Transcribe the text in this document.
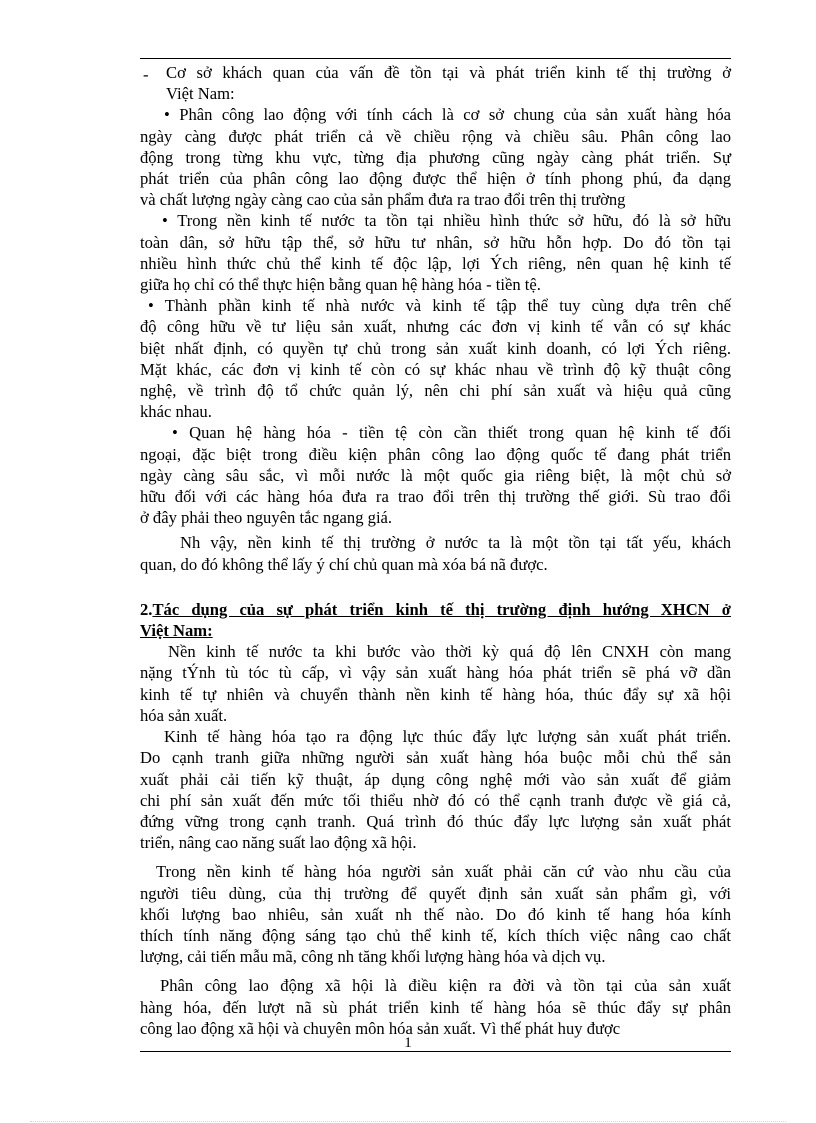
- Cơ sở khách quan của vấn đề tồn tại và phát triển kinh tế thị trường ở
Việt Nam:
• Phân công lao động với tính cách là cơ sở chung của sản xuất hàng hóa
ngày càng được phát triển cả về chiều rộng và chiều sâu. Phân công lao
động trong từng khu vực, từng địa phương cũng ngày càng phát triển. Sự
phát triển của phân công lao động được thể hiện ở tính phong phú, đa dạng
và chất lượng ngày càng cao của sản phẩm đưa ra trao đổi trên thị trường
• Trong nền kinh tế nước ta tồn tại nhiều hình thức sở hữu, đó là sở hữu
toàn dân, sở hữu tập thể, sở hữu tư nhân, sở hữu hỗn hợp. Do đó tồn tại
nhiều hình thức chủ thể kinh tế độc lập, lợi Ých riêng, nên quan hệ kinh tế
giữa họ chỉ có thể thực hiện bằng quan hệ hàng hóa - tiền tệ.
• Thành phần kinh tế nhà nước và kinh tế tập thể tuy cùng dựa trên chế
độ công hữu về tư liệu sản xuất, nhưng các đơn vị kinh tế vẫn có sự khác
biệt nhất định, có quyền tự chủ trong sản xuất kinh doanh, có lợi Ých riêng.
Mặt khác, các đơn vị kinh tế còn có sự khác nhau về trình độ kỹ thuật công
nghệ, về trình độ tổ chức quản lý, nên chi phí sản xuất và hiệu quả cũng
khác nhau.
• Quan hệ hàng hóa - tiền tệ còn cần thiết trong quan hệ kinh tế đối
ngoại, đặc biệt trong điều kiện phân công lao động quốc tế đang phát triển
ngày càng sâu sắc, vì mỗi nước là một quốc gia riêng biệt, là một chủ sở
hữu đối với các hàng hóa đưa ra trao đổi trên thị trường thế giới. Sù trao đổi
ở đây phải theo nguyên tắc ngang giá.
Nh vậy, nền kinh tế thị trường ở nước ta là một tồn tại tất yếu, khách
quan, do đó không thể lấy ý chí chủ quan mà xóa bá nã được.
2.Tác dụng của sự phát triển kinh tế thị trường định hướng XHCN ở
Việt Nam:
Nền kinh tế nước ta khi bước vào thời kỳ quá độ lên CNXH còn mang
nặng tÝnh tù tóc tù cấp, vì vậy sản xuất hàng hóa phát triển sẽ phá vỡ dần
kinh tế tự nhiên và chuyển thành nền kinh tế hàng hóa, thúc đẩy sự xã hội
hóa sản xuất.
Kinh tế hàng hóa tạo ra động lực thúc đẩy lực lượng sản xuất phát triển.
Do cạnh tranh giữa những người sản xuất hàng hóa buộc mỗi chủ thể sản
xuất phải cải tiến kỹ thuật, áp dụng công nghệ mới vào sản xuất để giảm
chi phí sản xuất đến mức tối thiểu nhờ đó có thể cạnh tranh được về giá cả,
đứng vững trong cạnh tranh. Quá trình đó thúc đẩy lực lượng sản xuất phát
triển, nâng cao năng suất lao động xã hội.
Trong nền kinh tế hàng hóa người sản xuất phải căn cứ vào nhu cầu của
người tiêu dùng, của thị trường để quyết định sản xuất sản phẩm gì, với
khối lượng bao nhiêu, sản xuất nh thế nào. Do đó kinh tế hang hóa kính
thích tính năng động sáng tạo chủ thể kinh tế, kích thích việc nâng cao chất
lượng, cải tiến mẫu mã, công nh tăng khối lượng hàng hóa và dịch vụ.
Phân công lao động xã hội là điều kiện ra đời và tồn tại của sản xuất
hàng hóa, đến lượt nã sù phát triển kinh tế hàng hóa sẽ thúc đẩy sự phân
công lao động xã hội và chuyên môn hóa sản xuất. Vì thế phát huy được
1
